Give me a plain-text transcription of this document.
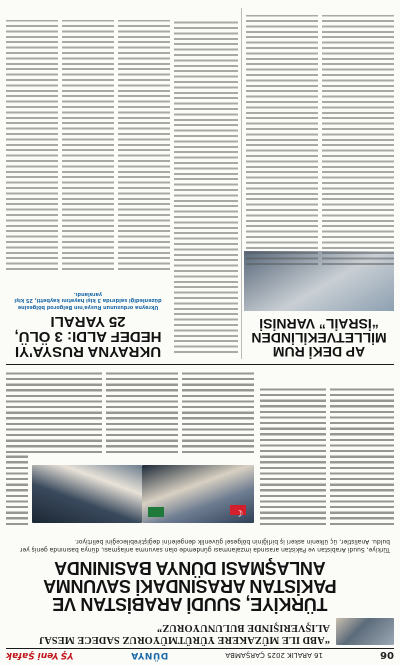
06
16 ARALIK 2025 ÇARŞAMBA
DÜNYA
YŞ
Yeni Şafak
“ABD ILE MÜZAKERE YÜRÜTMÜYORUZ SADECE MESAJ ALIŞVERIŞINDE BULUNUYORUZ”
TÜRKİYE, SUUDİ ARABİSTAN VE PAKİSTAN ARASINDAKİ SAVUNMA ANLAŞMASI DÜNYA BASININDA
Türkiye, Suudi Arabistan ve Pakistan arasında imzalanması gündemde olan savunma anlaşması, dünya basınında geniş yer buldu. Analistler, üç ülkenin askeri iş birliğinin bölgesel güvenlik dengelerini değiştirebileceğini belirtiyor.
☾
AP DEKİ RUM MİLLETVEKİLİNDEN “İSRAİL” VARNİSİ
UKRAYNA RUSYA'YI HEDEF ALDI: 3 ÖLÜ, 25 YARALI
Ukrayna ordusunun Rusya'nın Belgorod bölgesine düzenlediği saldırıda 3 kişi hayatını kaybetti, 25 kişi yaralandı.
